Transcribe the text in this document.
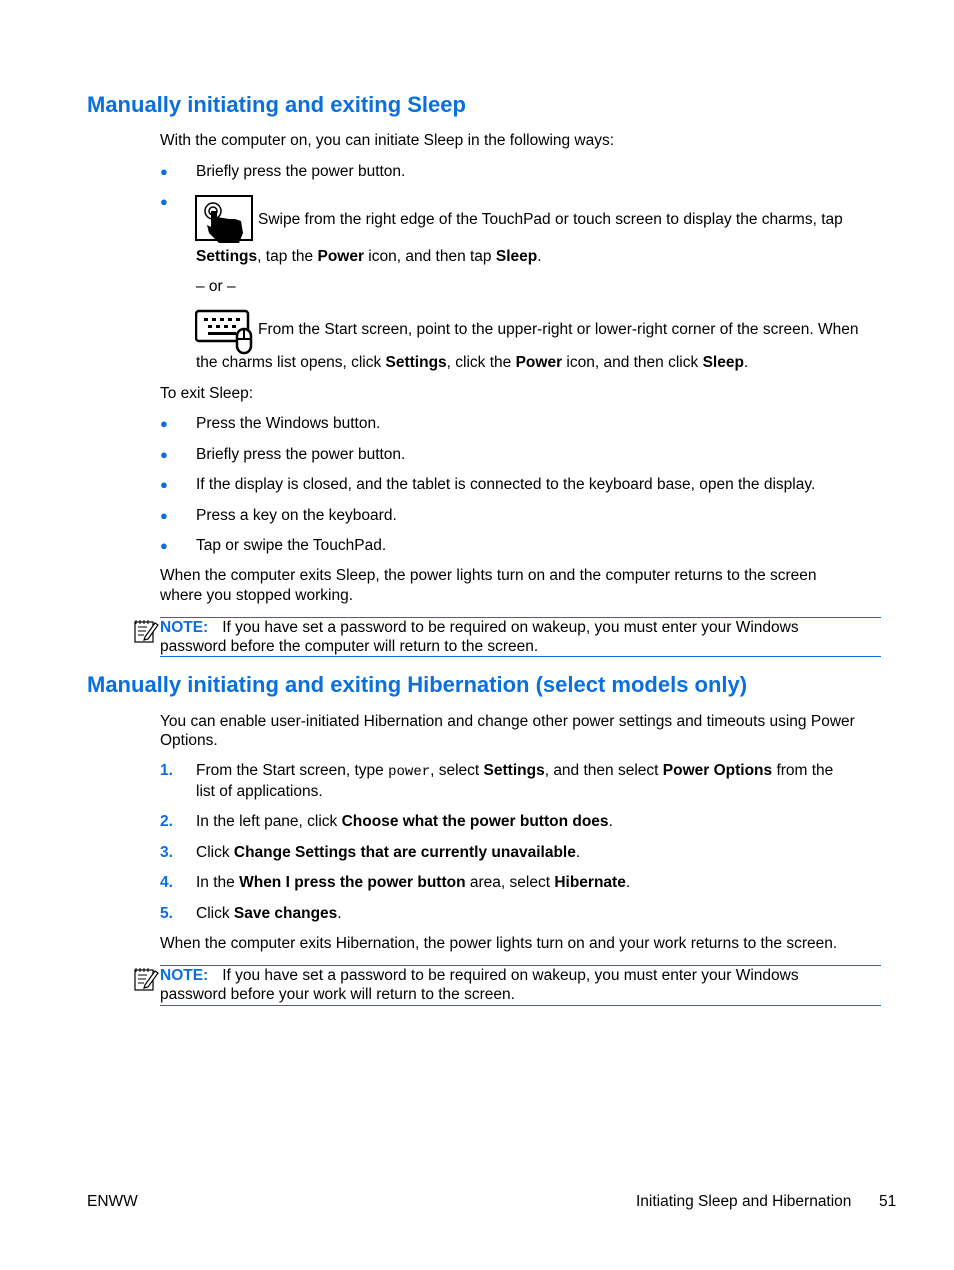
Manually initiating and exiting Sleep
With the computer on, you can initiate Sleep in the following ways:
● Briefly press the power button.
●
Swipe from the right edge of the TouchPad or touch screen to display the charms, tap
Settings, tap the Power icon, and then tap Sleep.
– or –
From the Start screen, point to the upper-right or lower-right corner of the screen. When
the charms list opens, click Settings, click the Power icon, and then click Sleep.
To exit Sleep:
● Press the Windows button.
● Briefly press the power button.
● If the display is closed, and the tablet is connected to the keyboard base, open the display.
● Press a key on the keyboard.
● Tap or swipe the TouchPad.
When the computer exits Sleep, the power lights turn on and the computer returns to the screen
where you stopped working.
NOTE: If you have set a password to be required on wakeup, you must enter your Windows
password before the computer will return to the screen.
Manually initiating and exiting Hibernation (select models only)
You can enable user-initiated Hibernation and change other power settings and timeouts using Power
Options.
1. From the Start screen, type power, select Settings, and then select Power Options from the
list of applications.
2. In the left pane, click Choose what the power button does.
3. Click Change Settings that are currently unavailable.
4. In the When I press the power button area, select Hibernate.
5. Click Save changes.
When the computer exits Hibernation, the power lights turn on and your work returns to the screen.
NOTE: If you have set a password to be required on wakeup, you must enter your Windows
password before your work will return to the screen.
ENWW	Initiating Sleep and Hibernation 51
